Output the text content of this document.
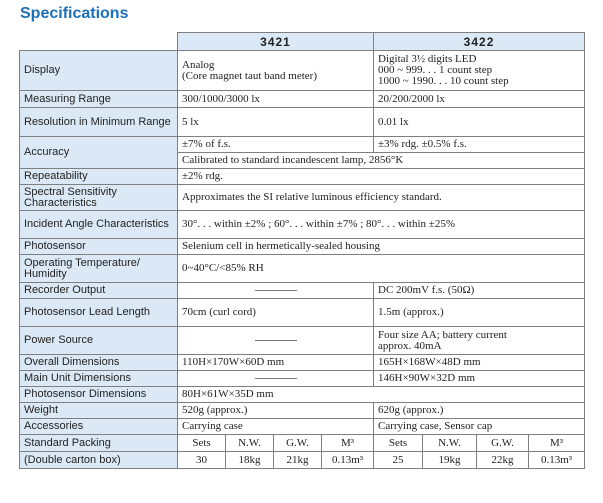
Specifications
	3421				3422			
Display	Analog
(Core magnet taut band meter)				Digital 3½ digits LED
000 ~ 999. . . 1 count step
1000 ~ 1990. . . 10 count step			
Measuring Range	300/1000/3000 lx				20/200/2000 lx			
Resolution in Minimum Range	5 lx				0.01 lx			
Accuracy	±7% of f.s.				±3% rdg. ±0.5% f.s.			
	Calibrated to standard incandescent lamp, 2856°K							
Repeatability	±2% rdg.							
Spectral Sensitivity Characteristics	Approximates the SI relative luminous efficiency standard.							
Incident Angle Characteristics	30°. . . within ±2% ; 60°. . . within ±7% ; 80°. . . within ±25%							
Photosensor	Selenium cell in hermetically-sealed housing							
Operating Temperature/ Humidity	0~40°C/<85% RH							
Recorder Output					DC 200mV f.s. (50Ω)			
Photosensor Lead Length	70cm (curl cord)				1.5m (approx.)			
Power Source					Four size AA; battery current
approx. 40mA			
Overall Dimensions	110H×170W×60D mm				165H×168W×48D mm			
Main Unit Dimensions					146H×90W×32D mm			
Photosensor Dimensions	80H×61W×35D mm							
Weight	520g (approx.)				620g (approx.)			
Accessories	Carrying case				Carrying case, Sensor cap			
Standard Packing	Sets	N.W.	G.W.	M³	Sets	N.W.	G.W.	M³
(Double carton box)	30	18kg	21kg	0.13m³	25	19kg	22kg	0.13m³
